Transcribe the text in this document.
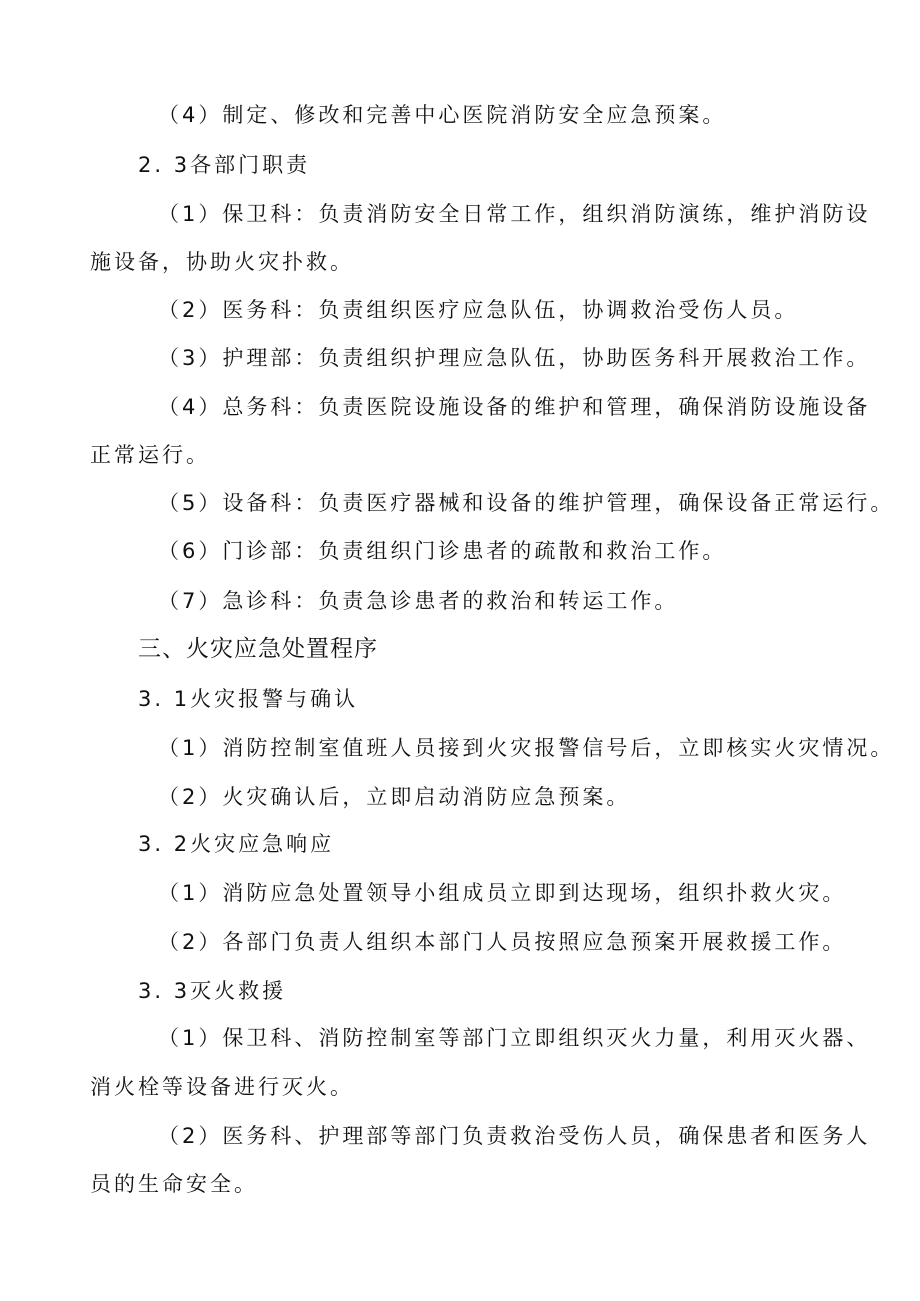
（4）制定、修改和完善中心医院消防安全应急预案。
2. 3各部门职责
（1）保卫科：负责消防安全日常工作，组织消防演练，维护消防设
施设备，协助火灾扑救。
（2）医务科：负责组织医疗应急队伍，协调救治受伤人员。
（3）护理部：负责组织护理应急队伍，协助医务科开展救治工作。
（4）总务科：负责医院设施设备的维护和管理，确保消防设施设备
正常运行。
（5）设备科：负责医疗器械和设备的维护管理，确保设备正常运行。
（6）门诊部：负责组织门诊患者的疏散和救治工作。
（7）急诊科：负责急诊患者的救治和转运工作。
三、火灾应急处置程序
3. 1火灾报警与确认
（1）消防控制室值班人员接到火灾报警信号后，立即核实火灾情况。
（2）火灾确认后，立即启动消防应急预案。
3. 2火灾应急响应
（1）消防应急处置领导小组成员立即到达现场，组织扑救火灾。
（2）各部门负责人组织本部门人员按照应急预案开展救援工作。
3. 3灭火救援
（1）保卫科、消防控制室等部门立即组织灭火力量，利用灭火器、
消火栓等设备进行灭火。
（2）医务科、护理部等部门负责救治受伤人员，确保患者和医务人
员的生命安全。
